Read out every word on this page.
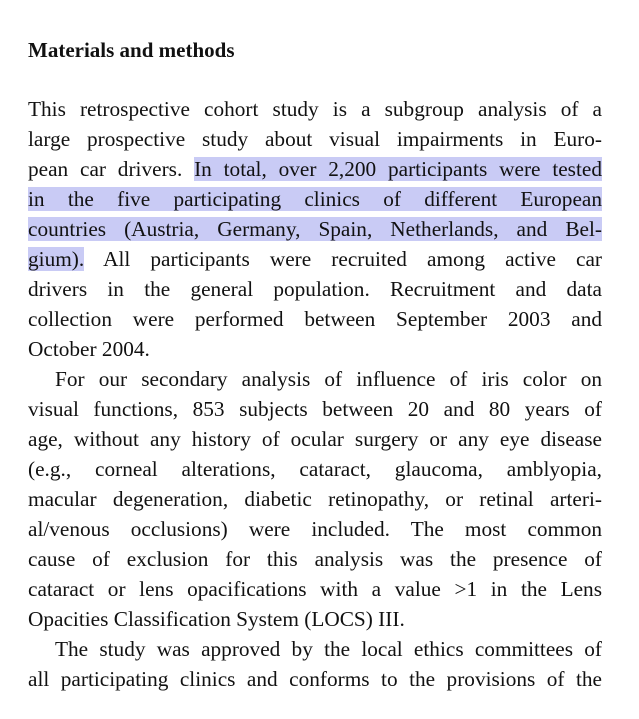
Materials and methods
This retrospective cohort study is a subgroup analysis of a
large prospective study about visual impairments in Euro-
pean car drivers. In total, over 2,200 participants were tested
in the five participating clinics of different European
countries (Austria, Germany, Spain, Netherlands, and Bel-
gium). All participants were recruited among active car
drivers in the general population. Recruitment and data
collection were performed between September 2003 and
October 2004.
For our secondary analysis of influence of iris color on
visual functions, 853 subjects between 20 and 80 years of
age, without any history of ocular surgery or any eye disease
(e.g., corneal alterations, cataract, glaucoma, amblyopia,
macular degeneration, diabetic retinopathy, or retinal arteri-
al/venous occlusions) were included. The most common
cause of exclusion for this analysis was the presence of
cataract or lens opacifications with a value >1 in the Lens
Opacities Classification System (LOCS) III.
The study was approved by the local ethics committees of
all participating clinics and conforms to the provisions of the
